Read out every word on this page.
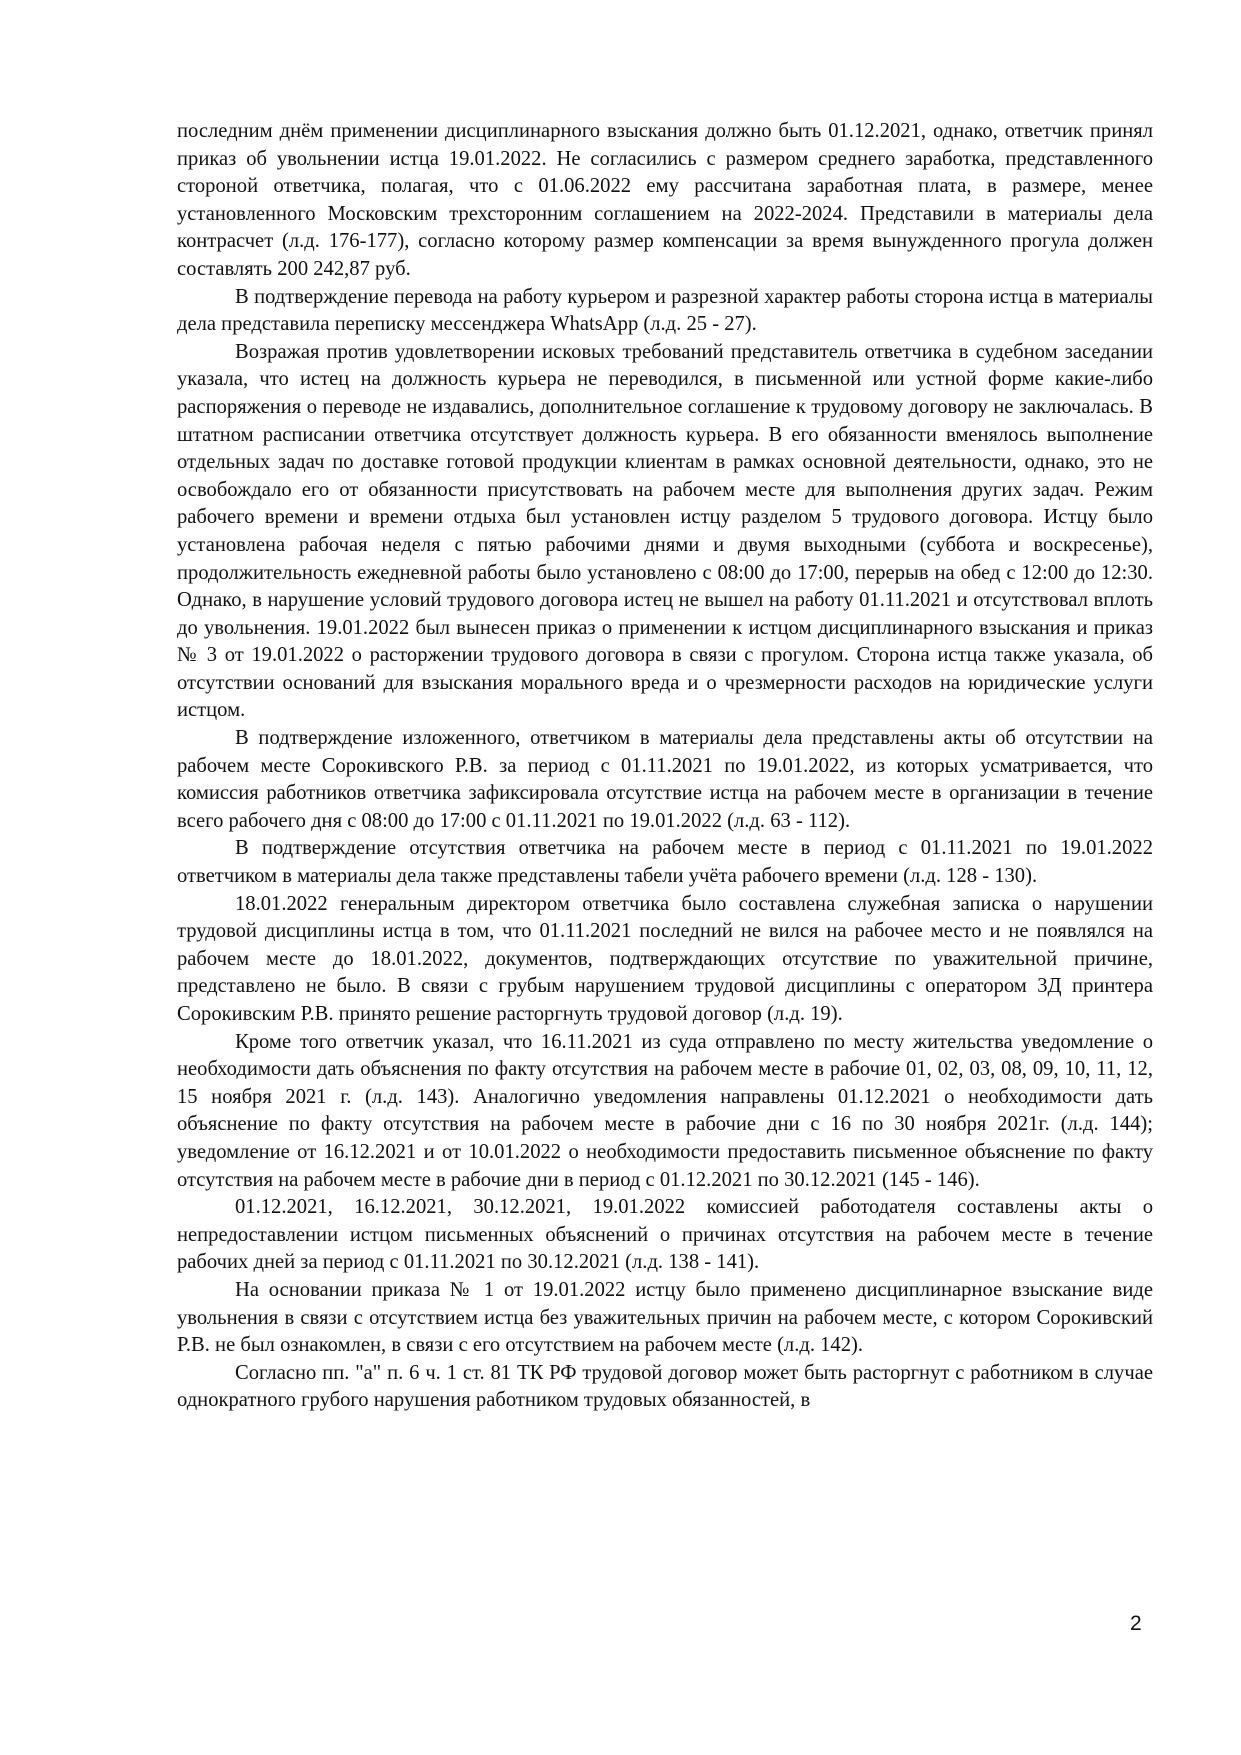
последним днём применении дисциплинарного взыскания должно быть 01.12.2021, однако, ответчик принял приказ об увольнении истца 19.01.2022. Не согласились с размером среднего заработка, представленного стороной ответчика, полагая, что с 01.06.2022 ему рассчитана заработная плата, в размере, менее установленного Московским трехсторонним соглашением на 2022-2024. Представили в материалы дела контрасчет (л.д. 176-177), согласно которому размер компенсации за время вынужденного прогула должен составлять 200 242,87 руб.

В подтверждение перевода на работу курьером и разрезной характер работы сторона истца в материалы дела представила переписку мессенджера WhatsApp (л.д. 25 - 27).

Возражая против удовлетворении исковых требований представитель ответчика в судебном заседании указала, что истец на должность курьера не переводился, в письменной или устной форме какие-либо распоряжения о переводе не издавались, дополнительное соглашение к трудовому договору не заключалась. В штатном расписании ответчика отсутствует должность курьера. В его обязанности вменялось выполнение отдельных задач по доставке готовой продукции клиентам в рамках основной деятельности, однако, это не освобождало его от обязанности присутствовать на рабочем месте для выполнения других задач. Режим рабочего времени и времени отдыха был установлен истцу разделом 5 трудового договора. Истцу было установлена рабочая неделя с пятью рабочими днями и двумя выходными (суббота и воскресенье), продолжительность ежедневной работы было установлено с 08:00 до 17:00, перерыв на обед с 12:00 до 12:30. Однако, в нарушение условий трудового договора истец не вышел на работу 01.11.2021 и отсутствовал вплоть до увольнения. 19.01.2022 был вынесен приказ о применении к истцом дисциплинарного взыскания и приказ № 3 от 19.01.2022 о расторжении трудового договора в связи с прогулом. Сторона истца также указала, об отсутствии оснований для взыскания морального вреда и о чрезмерности расходов на юридические услуги истцом.

В подтверждение изложенного, ответчиком в материалы дела представлены акты об отсутствии на рабочем месте Сорокивского Р.В. за период с 01.11.2021 по 19.01.2022, из которых усматривается, что комиссия работников ответчика зафиксировала отсутствие истца на рабочем месте в организации в течение всего рабочего дня с 08:00 до 17:00 с 01.11.2021 по 19.01.2022 (л.д. 63 - 112).

В подтверждение отсутствия ответчика на рабочем месте в период с 01.11.2021 по 19.01.2022 ответчиком в материалы дела также представлены табели учёта рабочего времени (л.д. 128 - 130).

18.01.2022 генеральным директором ответчика было составлена служебная записка о нарушении трудовой дисциплины истца в том, что 01.11.2021 последний не вился на рабочее место и не появлялся на рабочем месте до 18.01.2022, документов, подтверждающих отсутствие по уважительной причине, представлено не было. В связи с грубым нарушением трудовой дисциплины с оператором 3Д принтера Сорокивским Р.В. принято решение расторгнуть трудовой договор (л.д. 19).

Кроме того ответчик указал, что 16.11.2021 из суда отправлено по месту жительства уведомление о необходимости дать объяснения по факту отсутствия на рабочем месте в рабочие 01, 02, 03, 08, 09, 10, 11, 12, 15 ноября 2021 г. (л.д. 143). Аналогично уведомления направлены 01.12.2021 о необходимости дать объяснение по факту отсутствия на рабочем месте в рабочие дни с 16 по 30 ноября 2021г. (л.д. 144); уведомление от 16.12.2021 и от 10.01.2022 о необходимости предоставить письменное объяснение по факту отсутствия на рабочем месте в рабочие дни в период с 01.12.2021 по 30.12.2021 (145 - 146).

01.12.2021, 16.12.2021, 30.12.2021, 19.01.2022 комиссией работодателя составлены акты о непредоставлении истцом письменных объяснений о причинах отсутствия на рабочем месте в течение рабочих дней за период с 01.11.2021 по 30.12.2021 (л.д. 138 - 141).

На основании приказа № 1 от 19.01.2022 истцу было применено дисциплинарное взыскание виде увольнения в связи с отсутствием истца без уважительных причин на рабочем месте, с котором Сорокивский Р.В. не был ознакомлен, в связи с его отсутствием на рабочем месте (л.д. 142).

Согласно пп. "а" п. 6 ч. 1 ст. 81 ТК РФ трудовой договор может быть расторгнут с работником в случае однократного грубого нарушения работником трудовых обязанностей, в

2
